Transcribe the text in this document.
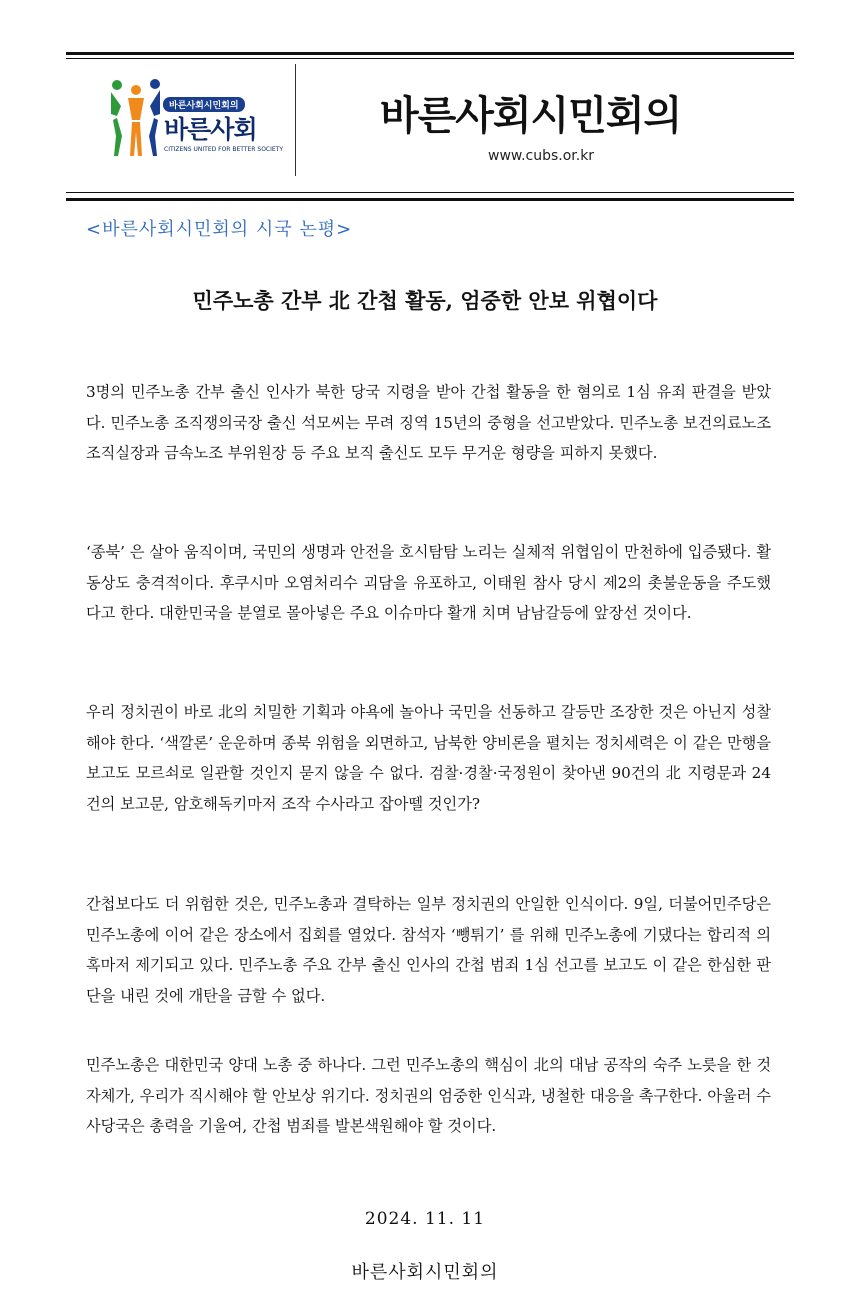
바른사회시민회의
바른사회
CITIZENS UNITED FOR BETTER SOCIETY
바른사회시민회의
www.cubs.or.kr
<바른사회시민회의 시국 논평>
민주노총 간부 北 간첩 활동, 엄중한 안보 위협이다

3명의 민주노총 간부 출신 인사가 북한 당국 지령을 받아 간첩 활동을 한 혐의로 1심 유죄 판결을 받았다. 민주노총 조직쟁의국장 출신 석모씨는 무려 징역 15년의 중형을 선고받았다. 민주노총 보건의료노조 조직실장과 금속노조 부위원장 등 주요 보직 출신도 모두 무거운 형량을 피하지 못했다.

‘종북’ 은 살아 움직이며, 국민의 생명과 안전을 호시탐탐 노리는 실체적 위협임이 만천하에 입증됐다. 활동상도 충격적이다. 후쿠시마 오염처리수 괴담을 유포하고, 이태원 참사 당시 제2의 촛불운동을 주도했다고 한다. 대한민국을 분열로 몰아넣은 주요 이슈마다 활개 치며 남남갈등에 앞장선 것이다.

우리 정치권이 바로 北의 치밀한 기획과 야욕에 놀아나 국민을 선동하고 갈등만 조장한 것은 아닌지 성찰해야 한다. ‘색깔론’ 운운하며 종북 위험을 외면하고, 남북한 양비론을 펼치는 정치세력은 이 같은 만행을 보고도 모르쇠로 일관할 것인지 묻지 않을 수 없다. 검찰·경찰·국정원이 찾아낸 90건의 北 지령문과 24건의 보고문, 암호해독키마저 조작 수사라고 잡아뗄 것인가?

간첩보다도 더 위험한 것은, 민주노총과 결탁하는 일부 정치권의 안일한 인식이다. 9일, 더불어민주당은 민주노총에 이어 같은 장소에서 집회를 열었다. 참석자 ‘뺑튀기’ 를 위해 민주노총에 기댔다는 합리적 의혹마저 제기되고 있다. 민주노총 주요 간부 출신 인사의 간첩 범죄 1심 선고를 보고도 이 같은 한심한 판단을 내린 것에 개탄을 금할 수 없다.

민주노총은 대한민국 양대 노총 중 하나다. 그런 민주노총의 핵심이 北의 대남 공작의 숙주 노릇을 한 것 자체가, 우리가 직시해야 할 안보상 위기다. 정치권의 엄중한 인식과, 냉철한 대응을 촉구한다. 아울러 수사당국은 총력을 기울여, 간첩 범죄를 발본색원해야 할 것이다.

2024. 11. 11
바른사회시민회의
